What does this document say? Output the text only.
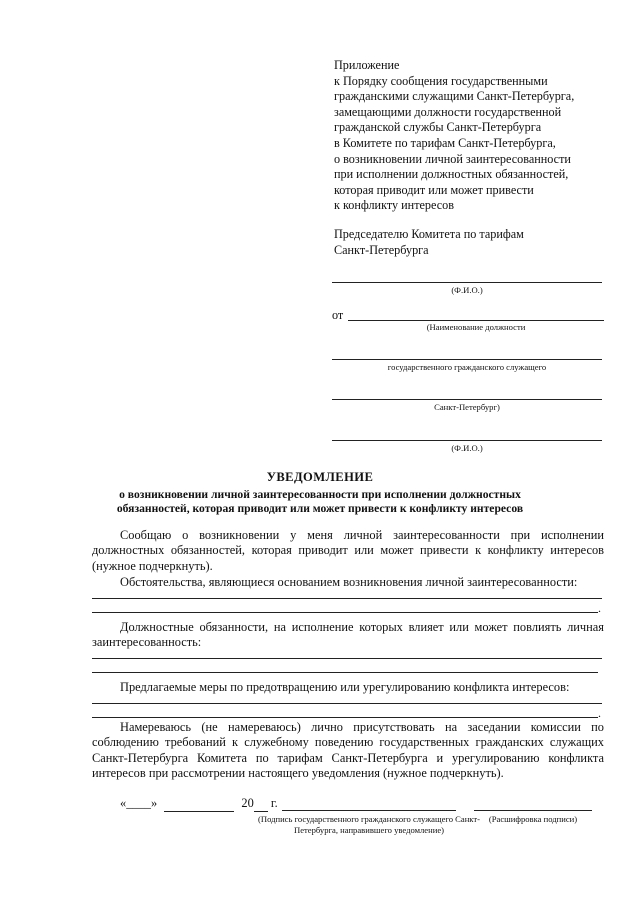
Приложение
к Порядку сообщения государственными
гражданскими служащими Санкт-Петербурга,
замещающими должности государственной
гражданской службы Санкт-Петербурга
в Комитете по тарифам Санкт-Петербурга,
о возникновении личной заинтересованности
при исполнении должностных обязанностей,
которая приводит или может привести
к конфликту интересов
Председателю Комитета по тарифам
Санкт-Петербурга
(Ф.И.О.)
от
(Наименование должности
государственного гражданского служащего
Санкт-Петербург)
(Ф.И.О.)
УВЕДОМЛЕНИЕ
о возникновении личной заинтересованности при исполнении должностных обязанностей, которая приводит или может привести к конфликту интересов
Сообщаю о возникновении у меня личной заинтересованности при исполнении должностных обязанностей, которая приводит или может привести к конфликту интересов (нужное подчеркнуть).
Обстоятельства, являющиеся основанием возникновения личной заинтересованности:
.
Должностные обязанности, на исполнение которых влияет или может повлиять личная заинтересованность:
Предлагаемые меры по предотвращению или урегулированию конфликта интересов:
.
Намереваюсь (не намереваюсь) лично присутствовать на заседании комиссии по соблюдению требований к служебному поведению государственных гражданских служащих Санкт-Петербурга Комитета по тарифам Санкт-Петербурга и урегулированию конфликта интересов при рассмотрении настоящего уведомления (нужное подчеркнуть).
«____»	20 г.
(Подпись государственного гражданского служащего Санкт-Петербурга, направившего уведомление)
(Расшифровка подписи)
